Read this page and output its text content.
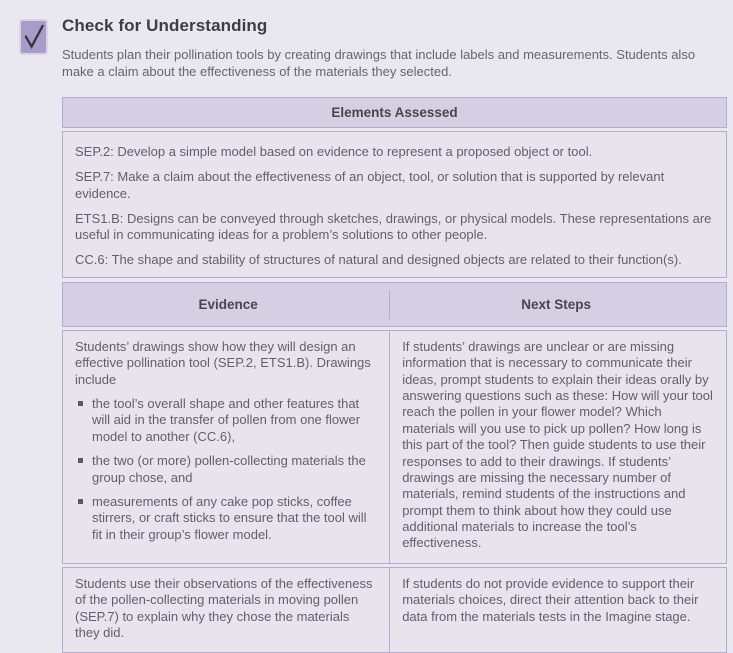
Check for Understanding

Students plan their pollination tools by creating drawings that include labels and measurements. Students also make a claim about the effectiveness of the materials they selected.

Elements Assessed

SEP.2: Develop a simple model based on evidence to represent a proposed object or tool.

SEP.7: Make a claim about the effectiveness of an object, tool, or solution that is supported by relevant evidence.

ETS1.B: Designs can be conveyed through sketches, drawings, or physical models. These representations are useful in communicating ideas for a problem’s solutions to other people.

CC.6: The shape and stability of structures of natural and designed objects are related to their function(s).

Evidence	Next Steps

Students’ drawings show how they will design an effective pollination tool (SEP.2, ETS1.B). Drawings include

the tool’s overall shape and other features that will aid in the transfer of pollen from one flower model to another (CC.6),
the two (or more) pollen-collecting materials the group chose, and
measurements of any cake pop sticks, coffee stirrers, or craft sticks to ensure that the tool will fit in their group’s flower model.

If students’ drawings are unclear or are missing information that is necessary to communicate their ideas, prompt students to explain their ideas orally by answering questions such as these: How will your tool reach the pollen in your flower model? Which materials will you use to pick up pollen? How long is this part of the tool? Then guide students to use their responses to add to their drawings. If students’ drawings are missing the necessary number of materials, remind students of the instructions and prompt them to think about how they could use additional materials to increase the tool’s effectiveness.

Students use their observations of the effectiveness of the pollen-collecting materials in moving pollen (SEP.7) to explain why they chose the materials they did.

If students do not provide evidence to support their materials choices, direct their attention back to their data from the materials tests in the Imagine stage.
